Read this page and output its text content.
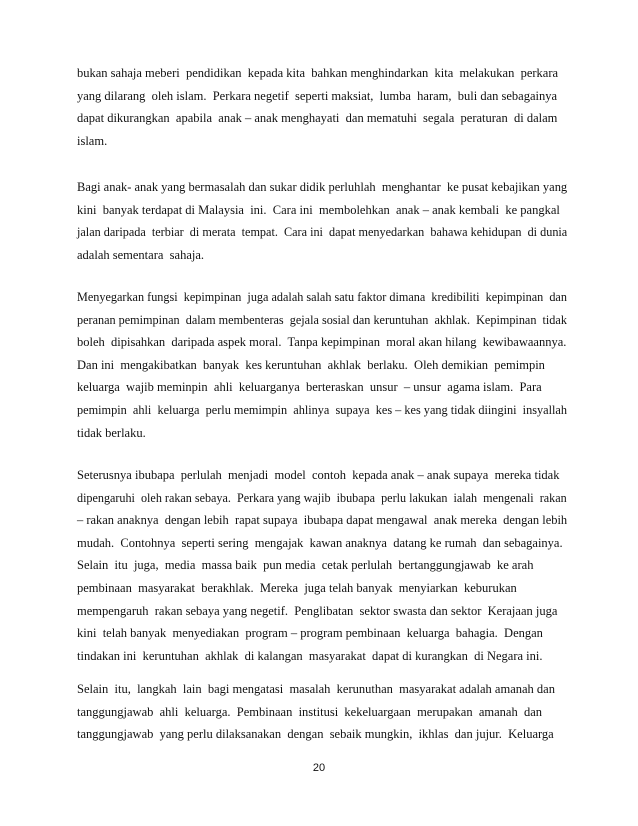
bukan sahaja meberi  pendidikan  kepada kita  bahkan menghindarkan  kita  melakukan  perkara
yang dilarang  oleh islam.  Perkara negetif  seperti maksiat,  lumba  haram,  buli dan sebagainya
dapat dikurangkan  apabila  anak – anak menghayati  dan mematuhi  segala  peraturan  di dalam
islam.
Bagi anak- anak yang bermasalah dan sukar didik perluhlah  menghantar  ke pusat kebajikan yang
kini  banyak terdapat di Malaysia  ini.  Cara ini  membolehkan  anak – anak kembali  ke pangkal
jalan daripada  terbiar  di merata  tempat.  Cara ini  dapat menyedarkan  bahawa kehidupan  di dunia
adalah sementara  sahaja.
Menyegarkan fungsi  kepimpinan  juga adalah salah satu faktor dimana  kredibiliti  kepimpinan  dan peranan pemimpinan  dalam membenteras  gejala sosial dan keruntuhan  akhlak.  Kepimpinan  tidak
boleh  dipisahkan  daripada aspek moral.  Tanpa kepimpinan  moral akan hilang  kewibawaannya.
Dan ini  mengakibatkan  banyak  kes keruntuhan  akhlak  berlaku.  Oleh demikian  pemimpin
keluarga  wajib meminpin  ahli  keluarganya  berteraskan  unsur  – unsur  agama islam.  Para
pemimpin  ahli  keluarga  perlu memimpin  ahlinya  supaya  kes – kes yang tidak diingini  insyallah
tidak berlaku.
Seterusnya ibubapa  perlulah  menjadi  model  contoh  kepada anak – anak supaya  mereka tidak
dipengaruhi  oleh rakan sebaya.  Perkara yang wajib  ibubapa  perlu lakukan  ialah  mengenali  rakan – rakan anaknya  dengan lebih  rapat supaya  ibubapa dapat mengawal  anak mereka  dengan lebih
mudah.  Contohnya  seperti sering  mengajak  kawan anaknya  datang ke rumah  dan sebagainya.
Selain  itu  juga,  media  massa baik  pun media  cetak perlulah  bertanggungjawab  ke arah
pembinaan  masyarakat  berakhlak.  Mereka  juga telah banyak  menyiarkan  keburukan
mempengaruh  rakan sebaya yang negetif.  Penglibatan  sektor swasta dan sektor  Kerajaan juga
kini  telah banyak  menyediakan  program – program pembinaan  keluarga  bahagia.  Dengan
tindakan ini  keruntuhan  akhlak  di kalangan  masyarakat  dapat di kurangkan  di Negara ini.
Selain  itu,  langkah  lain  bagi mengatasi  masalah  kerunuthan  masyarakat adalah amanah dan
tanggungjawab  ahli  keluarga.  Pembinaan  institusi  kekeluargaan  merupakan  amanah  dan
tanggungjawab  yang perlu dilaksanakan  dengan  sebaik mungkin,  ikhlas  dan jujur.  Keluarga
20
